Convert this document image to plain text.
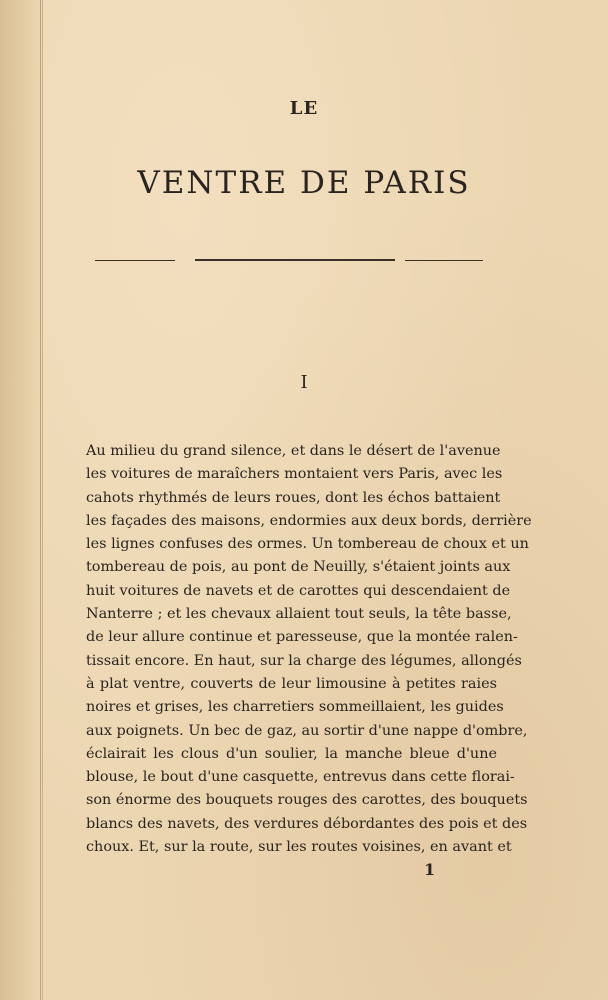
LE
VENTRE DE PARIS
I
Au milieu du grand silence, et dans le désert de l'avenue
les voitures de maraîchers montaient vers Paris, avec les
cahots rhythmés de leurs roues, dont les échos battaient
les façades des maisons, endormies aux deux bords, derrière
les lignes confuses des ormes. Un tombereau de choux et un
tombereau de pois, au pont de Neuilly, s'étaient joints aux
huit voitures de navets et de carottes qui descendaient de
Nanterre ; et les chevaux allaient tout seuls, la tête basse,
de leur allure continue et paresseuse, que la montée ralen-
tissait encore. En haut, sur la charge des légumes, allongés
à plat ventre, couverts de leur limousine à petites raies
noires et grises, les charretiers sommeillaient, les guides
aux poignets. Un bec de gaz, au sortir d'une nappe d'ombre,
éclairait les clous d'un soulier, la manche bleue d'une
blouse, le bout d'une casquette, entrevus dans cette florai-
son énorme des bouquets rouges des carottes, des bouquets
blancs des navets, des verdures débordantes des pois et des
choux. Et, sur la route, sur les routes voisines, en avant et
1
